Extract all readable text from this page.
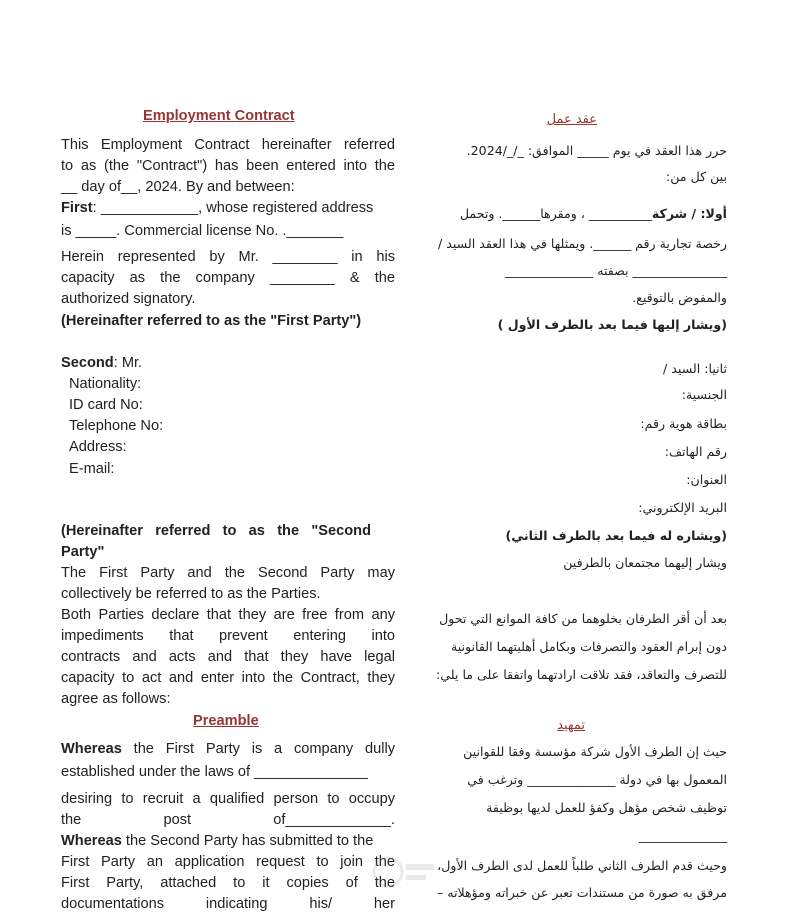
Employment Contract
This Employment Contract hereinafter referred
to as (the "Contract") has been entered into the
__ day of__, 2024. By and between:
First: ____________, whose registered address
is _____. Commercial license No. ._______
Herein represented by Mr. ________ in his
capacity as the company ________ & the
authorized signatory.
(Hereinafter referred to as the "First Party")
Second: Mr.
Nationality:
ID card No:
Telephone No:
Address:
E-mail:
(Hereinafter referred to as the "Second
Party"
The First Party and the Second Party may
collectively be referred to as the Parties.
Both Parties declare that they are free from any
impediments that prevent entering into
contracts and acts and that they have legal
capacity to act and enter into the Contract, they
agree as follows:
Preamble
Whereas the First Party is a company dully
established under the laws of ______________
desiring to recruit a qualified person to occupy
the post of_____________.
Whereas the Second Party has submitted to the
First Party an application request to join the
First Party, attached to it copies of the
documentations indicating his/ her
عقد عمل
حرر هذا العقد في يوم _____ الموافق: _/_/2024.
بين كل من:
أولا: / شركة__________ ، ومقرها______. وتحمل
رخصة تجارية رقم ______. ويمثلها في هذا العقد السيد /
_______________ بصفته ______________
والمفوض بالتوقيع.
(ويشار إليها فيما بعد بالطرف الأول )
ثانيا: السيد /
الجنسية:
بطاقة هوية رقم:
رقم الهاتف:
العنوان:
البريد الإلكتروني:
(ويشاره له فيما بعد بالطرف الثاني)
ويشار إليهما مجتمعان بالطرفين
بعد أن أقر الطرفان بخلوهما من كافة الموانع التي تحول
دون إبرام العقود والتصرفات وبكامل أهليتهما القانونية
للتصرف والتعاقد، فقد تلاقت ارادتهما واتفقا على ما يلي:
تمهيد
حيث إن الطرف الأول شركة مؤسسة وفقا للقوانين
المعمول بها في دولة ______________ وترغب في
توظيف شخص مؤهل وكفؤ للعمل لديها بوظيفة
______________
وحيث قدم الطرف الثاني طلباً للعمل لدى الطرف الأول،
مرفق به صورة من مستندات تعبر عن خبراته ومؤهلاته –
